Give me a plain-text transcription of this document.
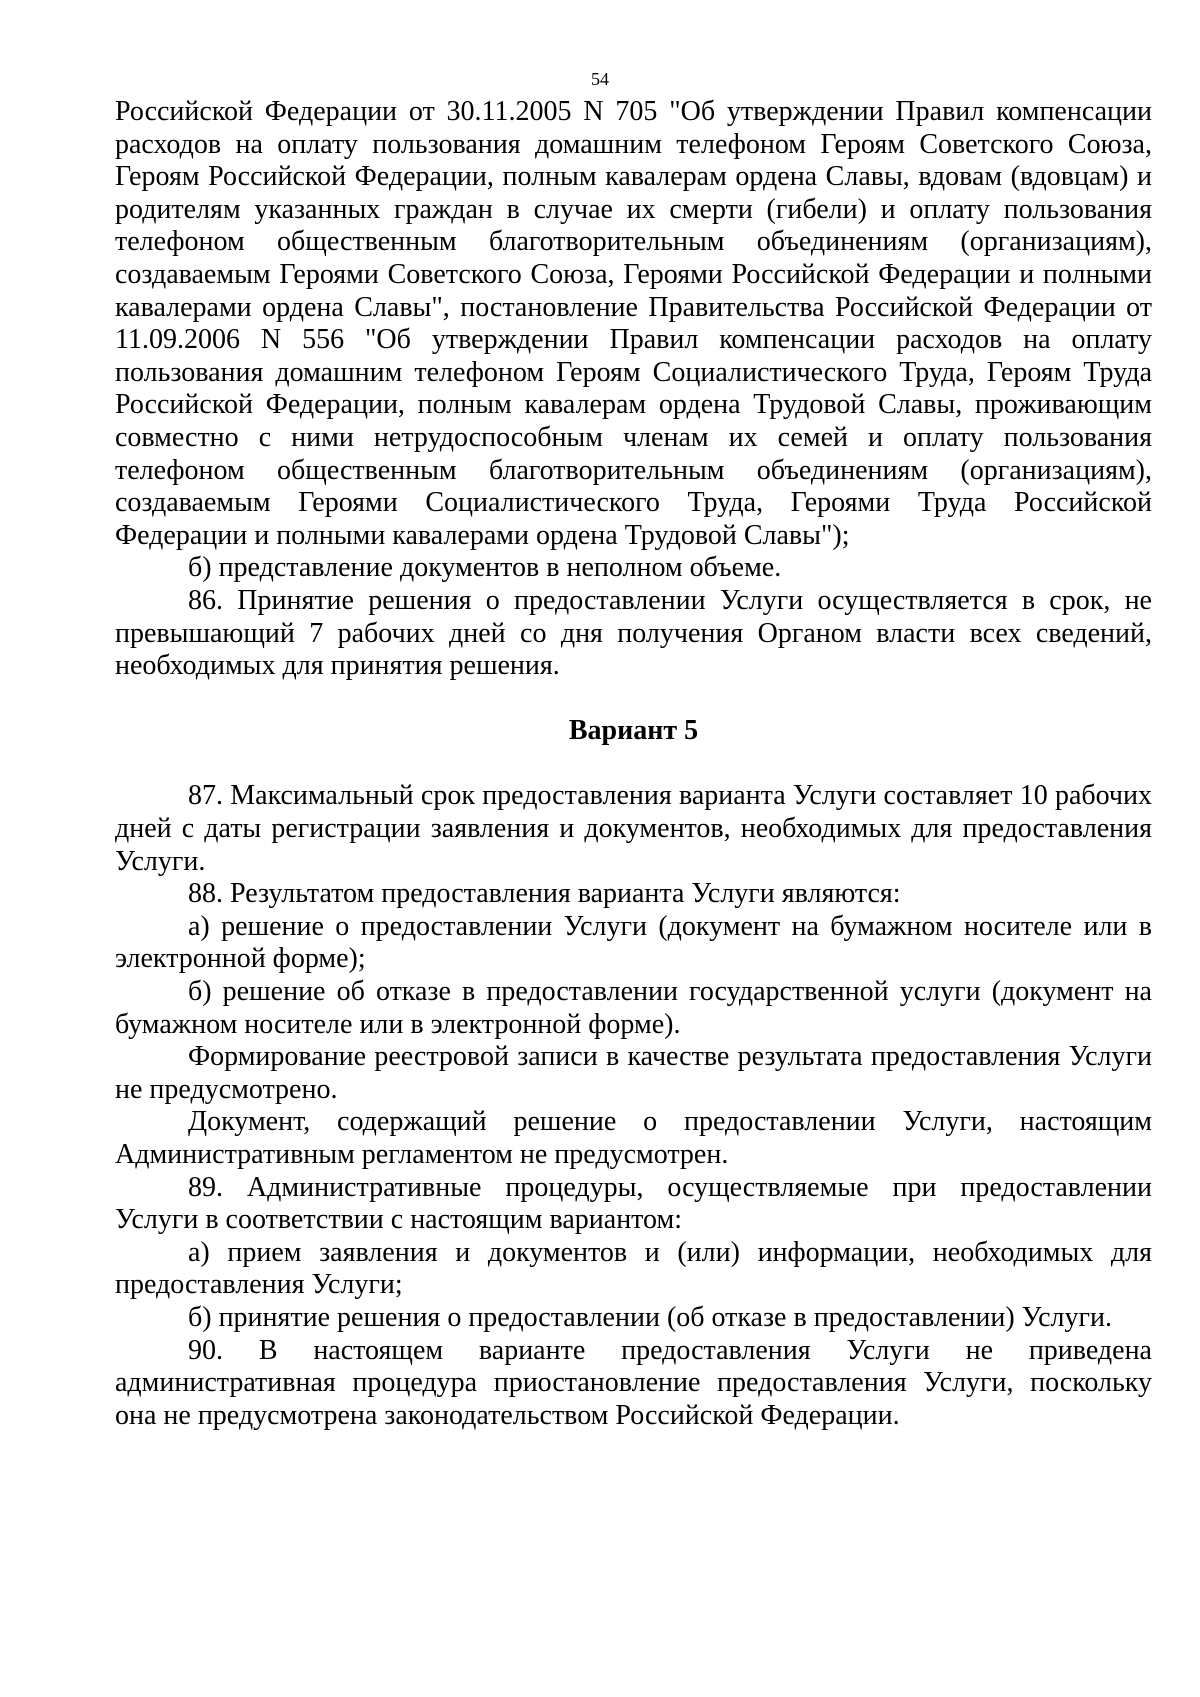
54

Российской Федерации от 30.11.2005 N 705 "Об утверждении Правил компенсации расходов на оплату пользования домашним телефоном Героям Советского Союза, Героям Российской Федерации, полным кавалерам ордена Славы, вдовам (вдовцам) и родителям указанных граждан в случае их смерти (гибели) и оплату пользования телефоном общественным благотворительным объединениям (организациям), создаваемым Героями Советского Союза, Героями Российской Федерации и полными кавалерами ордена Славы", постановление Правительства Российской Федерации от 11.09.2006 N 556 "Об утверждении Правил компенсации расходов на оплату пользования домашним телефоном Героям Социалистического Труда, Героям Труда Российской Федерации, полным кавалерам ордена Трудовой Славы, проживающим совместно с ними нетрудоспособным членам их семей и оплату пользования телефоном общественным благотворительным объединениям (организациям), создаваемым Героями Социалистического Труда, Героями Труда Российской Федерации и полными кавалерами ордена Трудовой Славы");

б) представление документов в неполном объеме.

86. Принятие решения о предоставлении Услуги осуществляется в срок, не превышающий 7 рабочих дней со дня получения Органом власти всех сведений, необходимых для принятия решения.

Вариант 5

87. Максимальный срок предоставления варианта Услуги составляет 10 рабочих дней с даты регистрации заявления и документов, необходимых для предоставления Услуги.

88. Результатом предоставления варианта Услуги являются:

а) решение о предоставлении Услуги (документ на бумажном носителе или в электронной форме);

б) решение об отказе в предоставлении государственной услуги (документ на бумажном носителе или в электронной форме).

Формирование реестровой записи в качестве результата предоставления Услуги не предусмотрено.

Документ, содержащий решение о предоставлении Услуги, настоящим Административным регламентом не предусмотрен.

89. Административные процедуры, осуществляемые при предоставлении Услуги в соответствии с настоящим вариантом:

а) прием заявления и документов и (или) информации, необходимых для предоставления Услуги;

б) принятие решения о предоставлении (об отказе в предоставлении) Услуги.

90. В настоящем варианте предоставления Услуги не приведена административная процедура приостановление предоставления Услуги, поскольку она не предусмотрена законодательством Российской Федерации.
